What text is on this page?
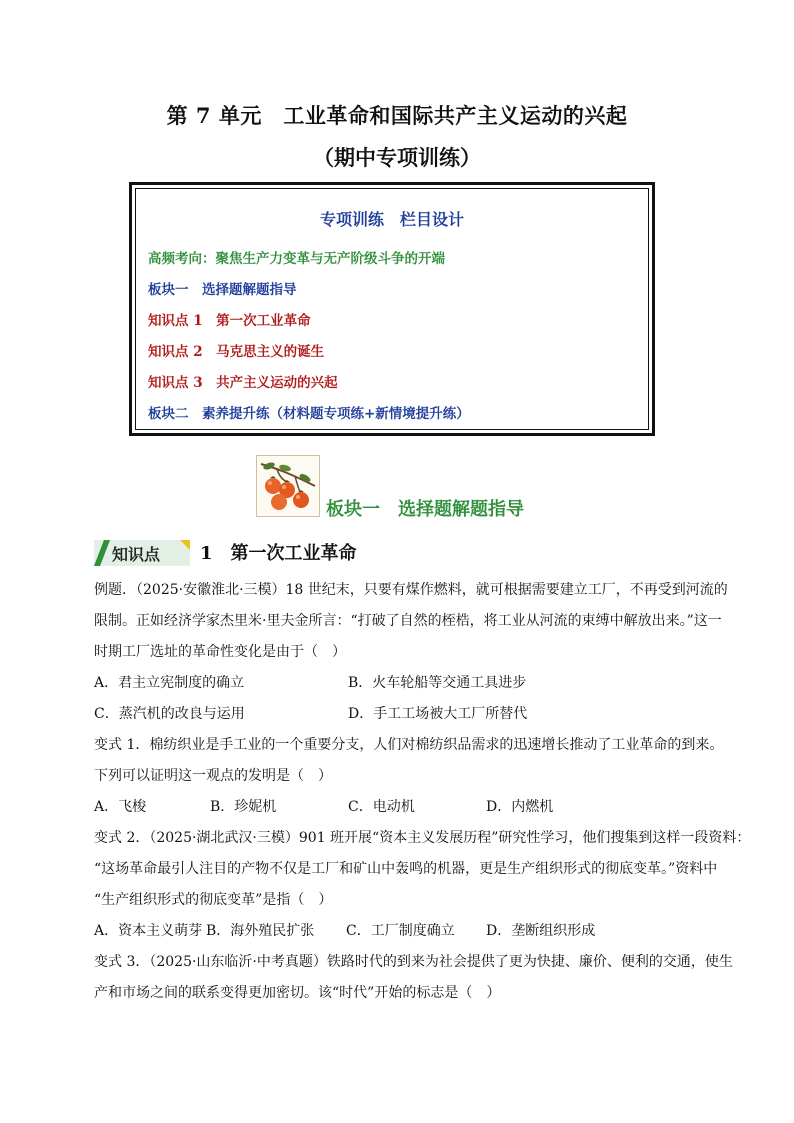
第 7 单元　工业革命和国际共产主义运动的兴起
（期中专项训练）
专项训练　栏目设计
高频考向：聚焦生产力变革与无产阶级斗争的开端
板块一　选择题解题指导
知识点 1　第一次工业革命
知识点 2　马克思主义的诞生
知识点 3　共产主义运动的兴起
板块二　素养提升练（材料题专项练+新情境提升练）
板块一　选择题解题指导
知识点 1　第一次工业革命
例题．（2025·安徽淮北·三模）18 世纪末，只要有煤作燃料，就可根据需要建立工厂，不再受到河流的
限制。正如经济学家杰里米·里夫金所言：“打破了自然的桎梏，将工业从河流的束缚中解放出来。”这一
时期工厂选址的革命性变化是由于（　）
A．君主立宪制度的确立	B．火车轮船等交通工具进步
C．蒸汽机的改良与运用	D．手工工场被大工厂所替代
变式 1．棉纺织业是手工业的一个重要分支，人们对棉纺织品需求的迅速增长推动了工业革命的到来。
下列可以证明这一观点的发明是（　）
A．飞梭	B．珍妮机	C．电动机	D．内燃机
变式 2．（2025·湖北武汉·三模）901 班开展“资本主义发展历程”研究性学习，他们搜集到这样一段资料：
“这场革命最引人注目的产物不仅是工厂和矿山中轰鸣的机器，更是生产组织形式的彻底变革。”资料中
“生产组织形式的彻底变革”是指（　）
A．资本主义萌芽 B．海外殖民扩张 C．工厂制度确立 D．垄断组织形成
变式 3．（2025·山东临沂·中考真题）铁路时代的到来为社会提供了更为快捷、廉价、便利的交通，使生
产和市场之间的联系变得更加密切。该“时代”开始的标志是（　）
